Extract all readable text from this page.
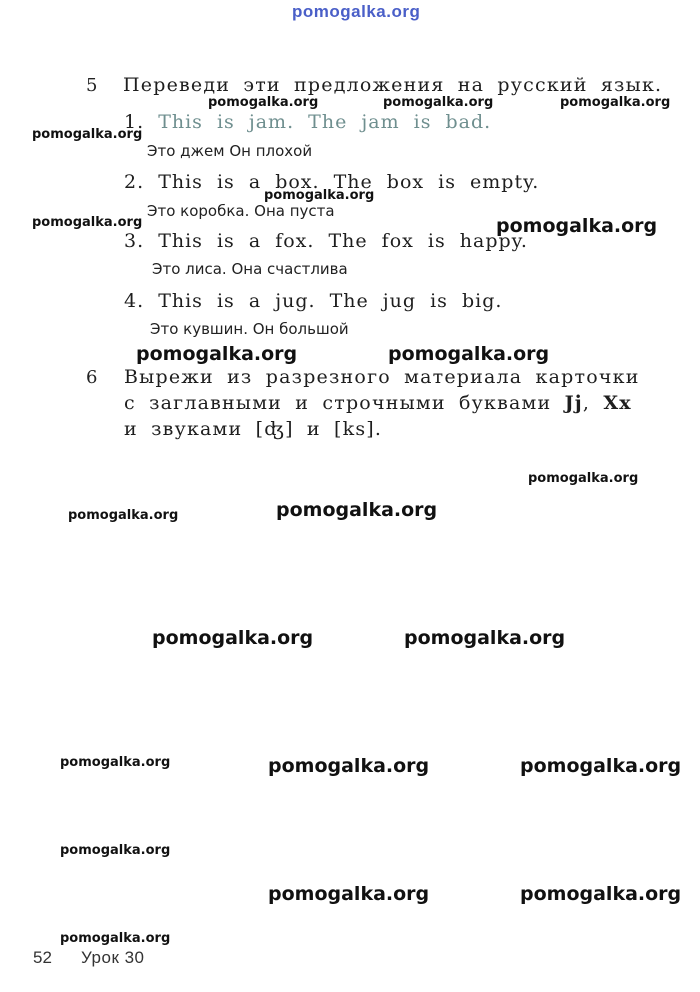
pomogalka.org
5 Переведи эти предложения на русский язык.
1. This is jam. The jam is bad.
Это джем Он плохой
2. This is a box. The box is empty.
Это коробка. Она пуста
3. This is a fox. The fox is happy.
Это лиса. Она счастлива
4. This is a jug. The jug is big.
Это кувшин. Он большой
6 Вырежи из разрезного материала карточки
с заглавными и строчными буквами Jj, Xx
и звуками [ʤ] и [ks].
pomogalka.org	pomogalka.org	pomogalka.org
pomogalka.org
pomogalka.org
pomogalka.org	pomogalka.org
pomogalka.org	pomogalka.org
pomogalka.org
pomogalka.org	pomogalka.org
pomogalka.org	pomogalka.org
pomogalka.org	pomogalka.org	pomogalka.org
pomogalka.org
pomogalka.org	pomogalka.org
pomogalka.org
52 Урок 30
